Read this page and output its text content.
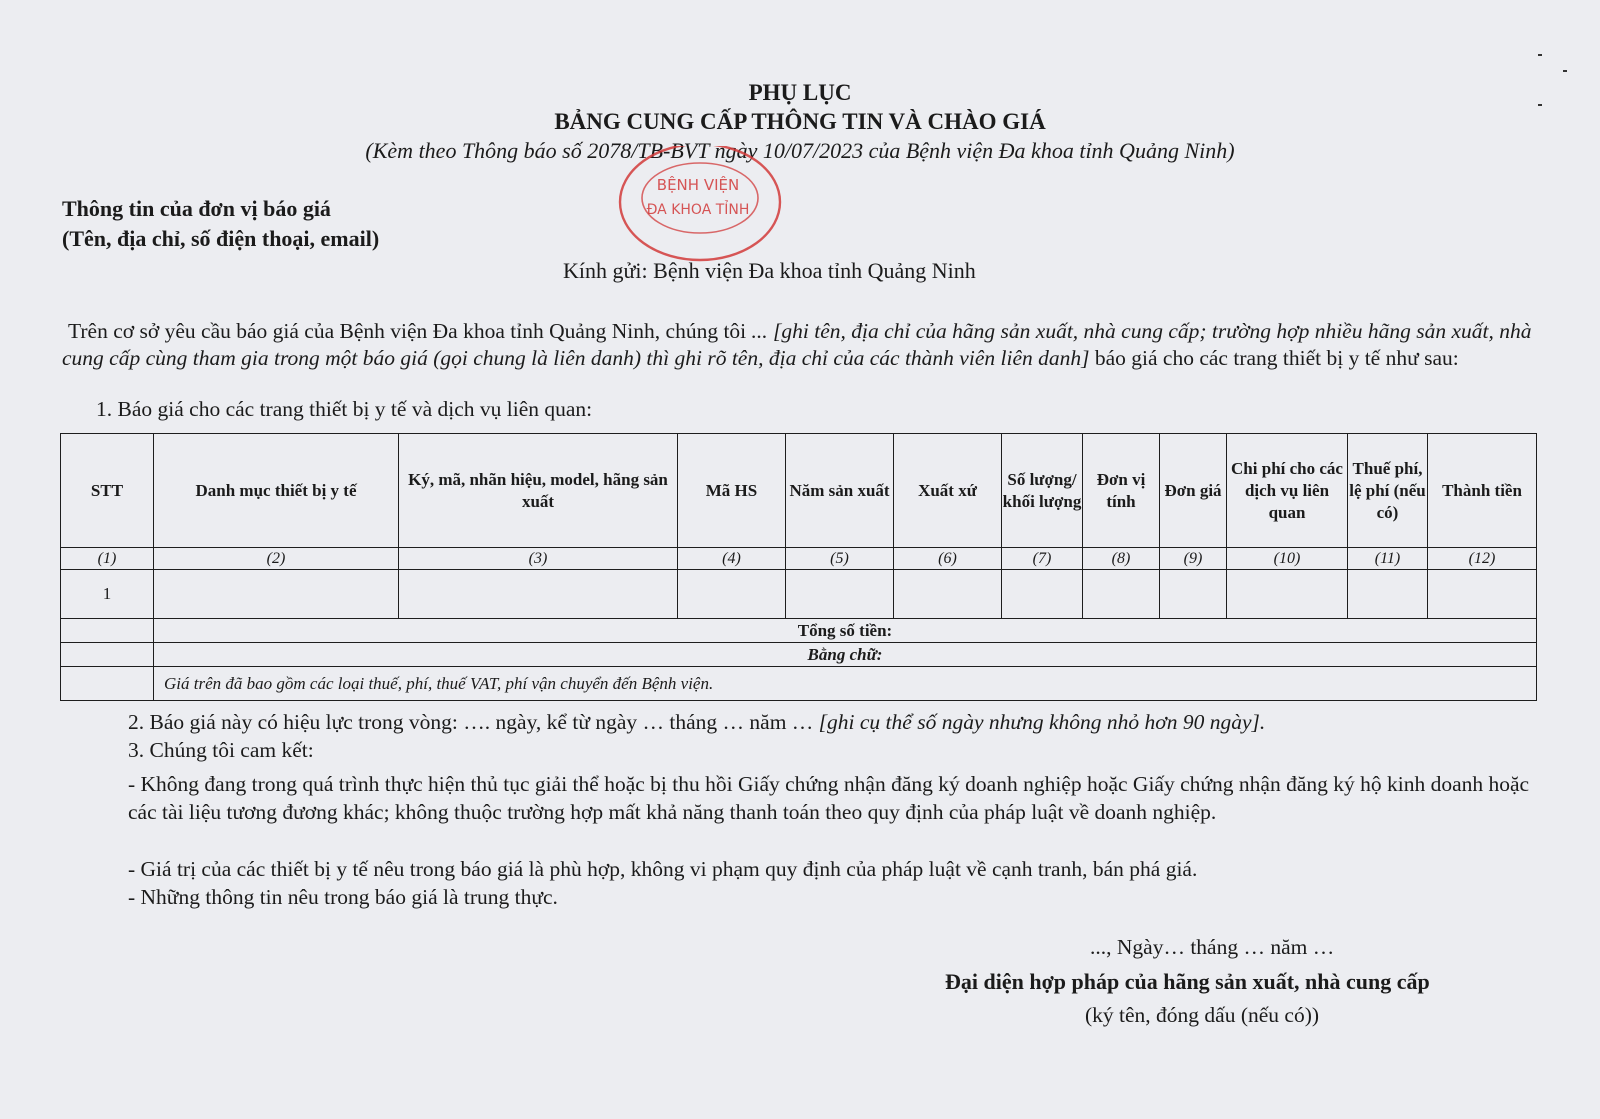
PHỤ LỤC
BẢNG CUNG CẤP THÔNG TIN VÀ CHÀO GIÁ
(Kèm theo Thông báo số 2078/TB-BVT ngày 10/07/2023 của Bệnh viện Đa khoa tỉnh Quảng Ninh)
BỆNH VIỆN
ĐA KHOA TỈNH
Thông tin của đơn vị báo giá
(Tên, địa chỉ, số điện thoại, email)
Kính gửi: Bệnh viện Đa khoa tỉnh Quảng Ninh
Trên cơ sở yêu cầu báo giá của Bệnh viện Đa khoa tỉnh Quảng Ninh, chúng tôi ... [ghi tên, địa chỉ của hãng sản xuất, nhà cung cấp; trường hợp nhiều hãng sản xuất, nhà cung cấp cùng tham gia trong một báo giá (gọi chung là liên danh) thì ghi rõ tên, địa chỉ của các thành viên liên danh] báo giá cho các trang thiết bị y tế như sau:
1. Báo giá cho các trang thiết bị y tế và dịch vụ liên quan:
STT	Danh mục thiết bị y tế	Ký, mã, nhãn hiệu, model, hãng sản xuất	Mã HS	Năm sản xuất	Xuất xứ	Số lượng/ khối lượng	Đơn vị tính	Đơn giá	Chi phí cho các dịch vụ liên quan	Thuế phí, lệ phí (nếu có)	Thành tiền
(1)	(2)	(3)	(4)	(5)	(6)	(7)	(8)	(9)	(10)	(11)	(12)
1											
	Tổng số tiền:										
	Bằng chữ:										
	Giá trên đã bao gồm các loại thuế, phí, thuế VAT, phí vận chuyển đến Bệnh viện.										
2. Báo giá này có hiệu lực trong vòng: …. ngày, kể từ ngày … tháng … năm … [ghi cụ thể số ngày nhưng không nhỏ hơn 90 ngày].
3. Chúng tôi cam kết:
- Không đang trong quá trình thực hiện thủ tục giải thể hoặc bị thu hồi Giấy chứng nhận đăng ký doanh nghiệp hoặc Giấy chứng nhận đăng ký hộ kinh doanh hoặc các tài liệu tương đương khác; không thuộc trường hợp mất khả năng thanh toán theo quy định của pháp luật về doanh nghiệp.
- Giá trị của các thiết bị y tế nêu trong báo giá là phù hợp, không vi phạm quy định của pháp luật về cạnh tranh, bán phá giá.
- Những thông tin nêu trong báo giá là trung thực.
..., Ngày… tháng … năm …
Đại diện hợp pháp của hãng sản xuất, nhà cung cấp
(ký tên, đóng dấu (nếu có))
